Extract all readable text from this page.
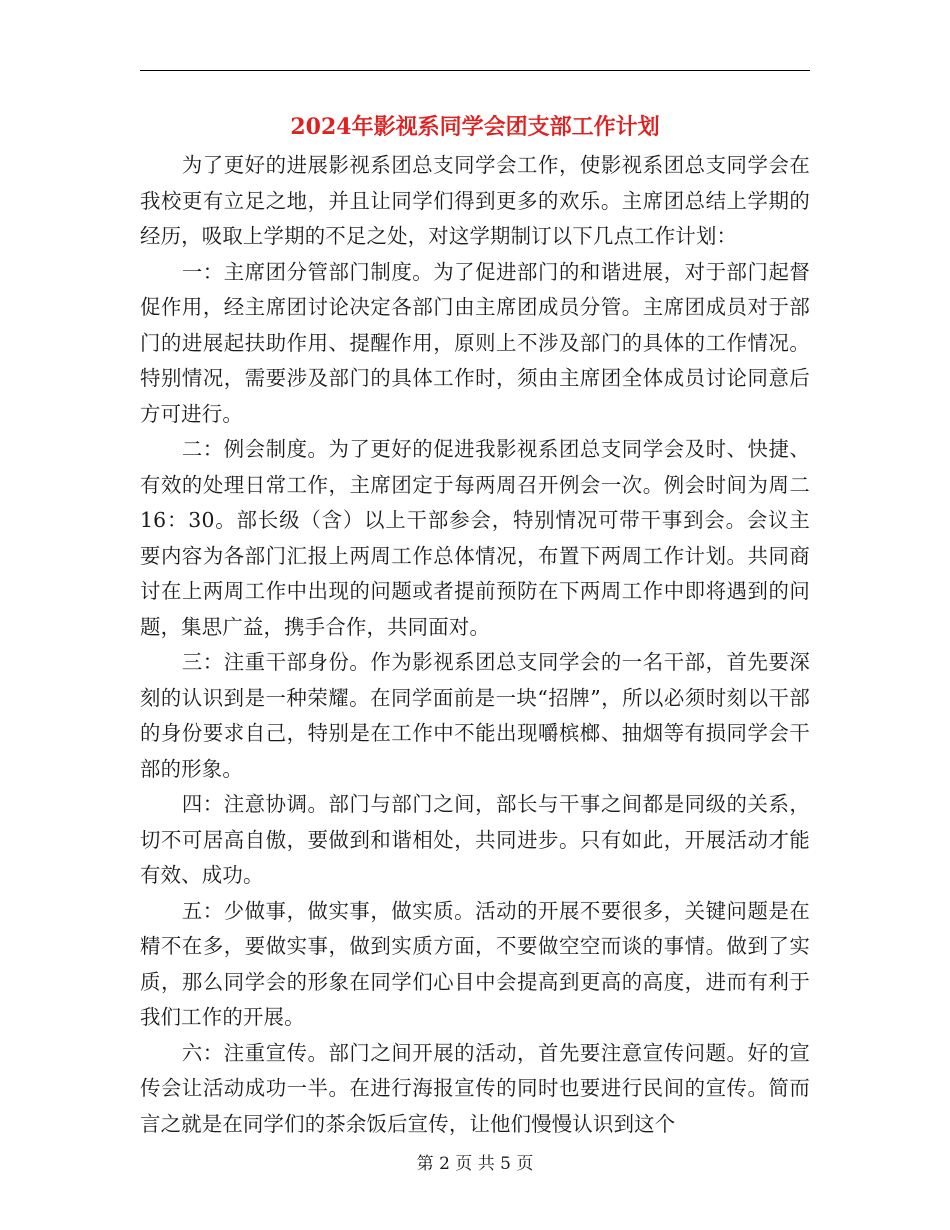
2024年影视系同学会团支部工作计划

为了更好的进展影视系团总支同学会工作，使影视系团总支同学会在我校更有立足之地，并且让同学们得到更多的欢乐。主席团总结上学期的经历，吸取上学期的不足之处，对这学期制订以下几点工作计划：

一：主席团分管部门制度。为了促进部门的和谐进展，对于部门起督促作用，经主席团讨论决定各部门由主席团成员分管。主席团成员对于部门的进展起扶助作用、提醒作用，原则上不涉及部门的具体的工作情况。特别情况，需要涉及部门的具体工作时，须由主席团全体成员讨论同意后方可进行。

二：例会制度。为了更好的促进我影视系团总支同学会及时、快捷、有效的处理日常工作，主席团定于每两周召开例会一次。例会时间为周二16：30。部长级（含）以上干部参会，特别情况可带干事到会。会议主要内容为各部门汇报上两周工作总体情况，布置下两周工作计划。共同商讨在上两周工作中出现的问题或者提前预防在下两周工作中即将遇到的问题，集思广益，携手合作，共同面对。

三：注重干部身份。作为影视系团总支同学会的一名干部，首先要深刻的认识到是一种荣耀。在同学面前是一块“招牌”，所以必须时刻以干部的身份要求自己，特别是在工作中不能出现嚼槟榔、抽烟等有损同学会干部的形象。

四：注意协调。部门与部门之间，部长与干事之间都是同级的关系，切不可居高自傲，要做到和谐相处，共同进步。只有如此，开展活动才能有效、成功。

五：少做事，做实事，做实质。活动的开展不要很多，关键问题是在精不在多，要做实事，做到实质方面，不要做空空而谈的事情。做到了实质，那么同学会的形象在同学们心目中会提高到更高的高度，进而有利于我们工作的开展。

六：注重宣传。部门之间开展的活动，首先要注意宣传问题。好的宣传会让活动成功一半。在进行海报宣传的同时也要进行民间的宣传。简而言之就是在同学们的茶余饭后宣传，让他们慢慢认识到这个

第 2 页 共 5 页
